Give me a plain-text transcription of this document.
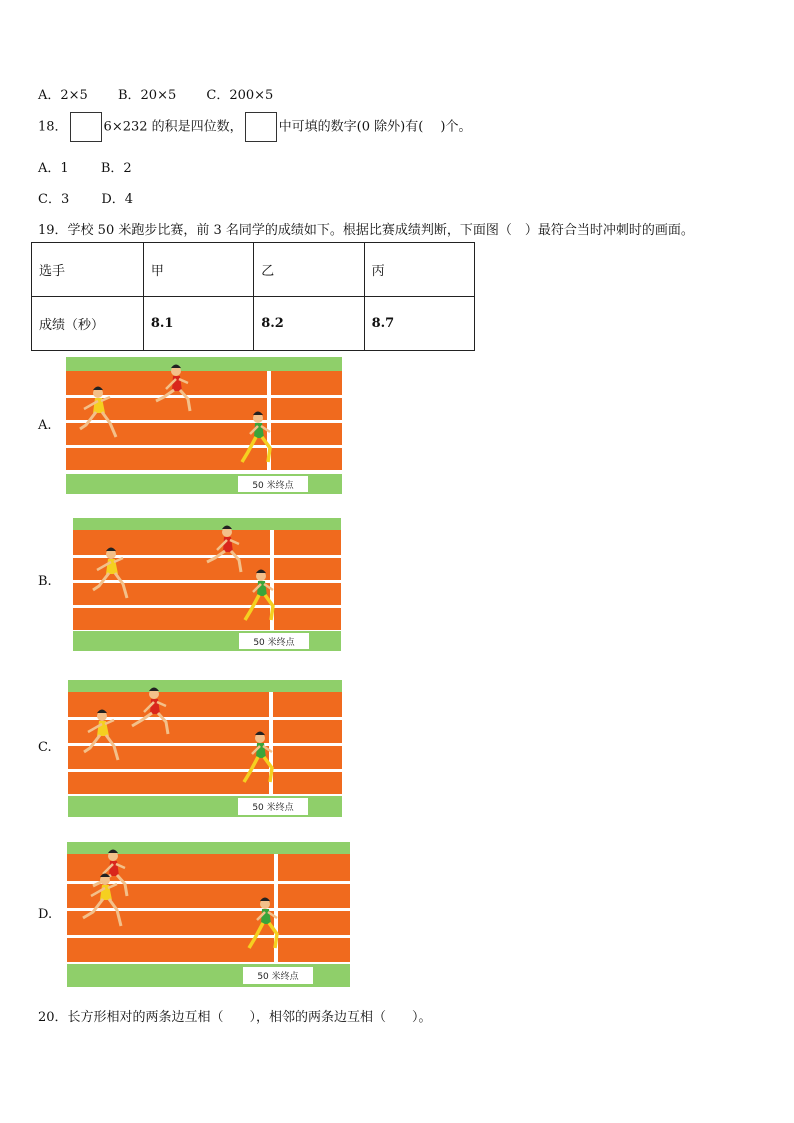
A．2×5 B．20×5 C．200×5
18．	6×232 的积是四位数，	中可填的数字(0 除外)有(　 )个。
A．1 B．2
C．3 D．4
19．学校 50 米跑步比赛，前 3 名同学的成绩如下。根据比赛成绩判断，下面图（　）最符合当时冲刺时的画面。
选手	甲	乙	丙
成绩（秒）	8.1	8.2	8.7
A.
B.
C.
D.
50 米终点
50 米终点
50 米终点
50 米终点
20．长方形相对的两条边互相（　　），相邻的两条边互相（　　）。
